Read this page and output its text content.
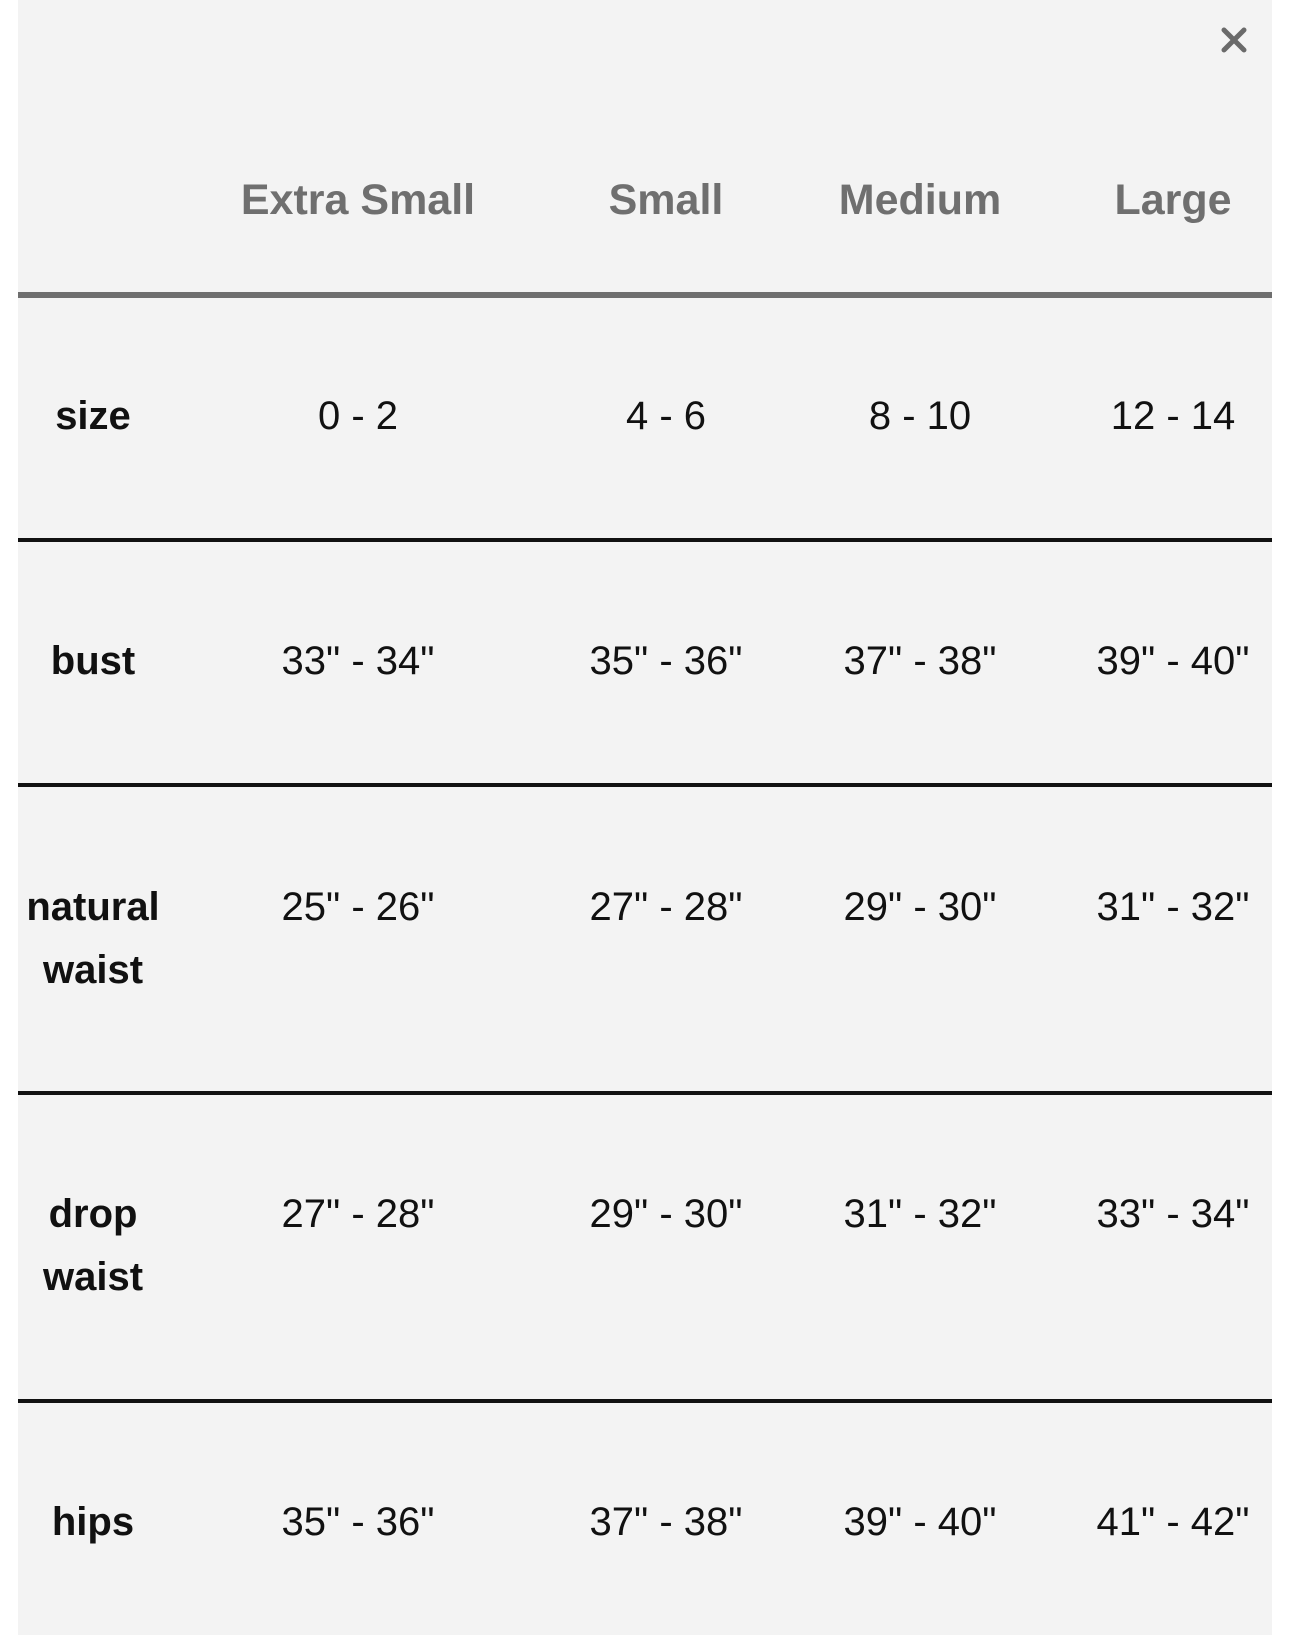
Extra Small	Small	Medium	Large
size	0 - 2	4 - 6	8 - 10	12 - 14
bust	33" - 34"	35" - 36"	37" - 38"	39" - 40"
natural
waist
25" - 26"	27" - 28"	29" - 30"	31" - 32"
drop
waist
27" - 28"	29" - 30"	31" - 32"	33" - 34"
hips	35" - 36"	37" - 38"	39" - 40"	41" - 42"
